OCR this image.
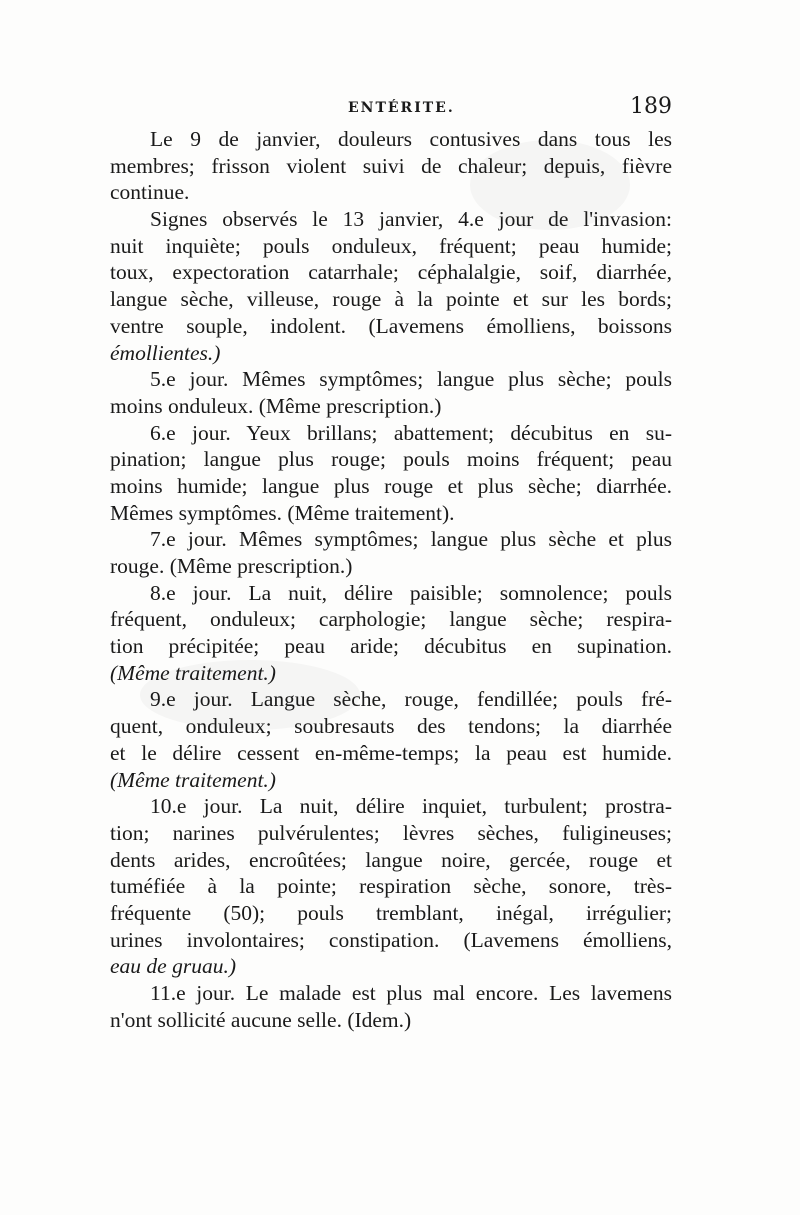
ENTÉRITE.	189
Le 9 de janvier, douleurs contusives dans tous les
membres; frisson violent suivi de chaleur; depuis, fièvre
continue.
Signes observés le 13 janvier, 4.e jour de l'invasion:
nuit inquiète; pouls onduleux, fréquent; peau humide;
toux, expectoration catarrhale; céphalalgie, soif, diarrhée,
langue sèche, villeuse, rouge à la pointe et sur les bords;
ventre souple, indolent. (Lavemens émolliens, boissons
émollientes.)
5.e jour. Mêmes symptômes; langue plus sèche; pouls
moins onduleux. (Même prescription.)
6.e jour. Yeux brillans; abattement; décubitus en su-
pination; langue plus rouge; pouls moins fréquent; peau
moins humide; langue plus rouge et plus sèche; diarrhée.
Mêmes symptômes. (Même traitement).
7.e jour. Mêmes symptômes; langue plus sèche et plus
rouge. (Même prescription.)
8.e jour. La nuit, délire paisible; somnolence; pouls
fréquent, onduleux; carphologie; langue sèche; respira-
tion précipitée; peau aride; décubitus en supination.
(Même traitement.)
9.e jour. Langue sèche, rouge, fendillée; pouls fré-
quent, onduleux; soubresauts des tendons; la diarrhée
et le délire cessent en-même-temps; la peau est humide.
(Même traitement.)
10.e jour. La nuit, délire inquiet, turbulent; prostra-
tion; narines pulvérulentes; lèvres sèches, fuligineuses;
dents arides, encroûtées; langue noire, gercée, rouge et
tuméfiée à la pointe; respiration sèche, sonore, très-
fréquente (50); pouls tremblant, inégal, irrégulier;
urines involontaires; constipation. (Lavemens émolliens,
eau de gruau.)
11.e jour. Le malade est plus mal encore. Les lavemens
n'ont sollicité aucune selle. (Idem.)
